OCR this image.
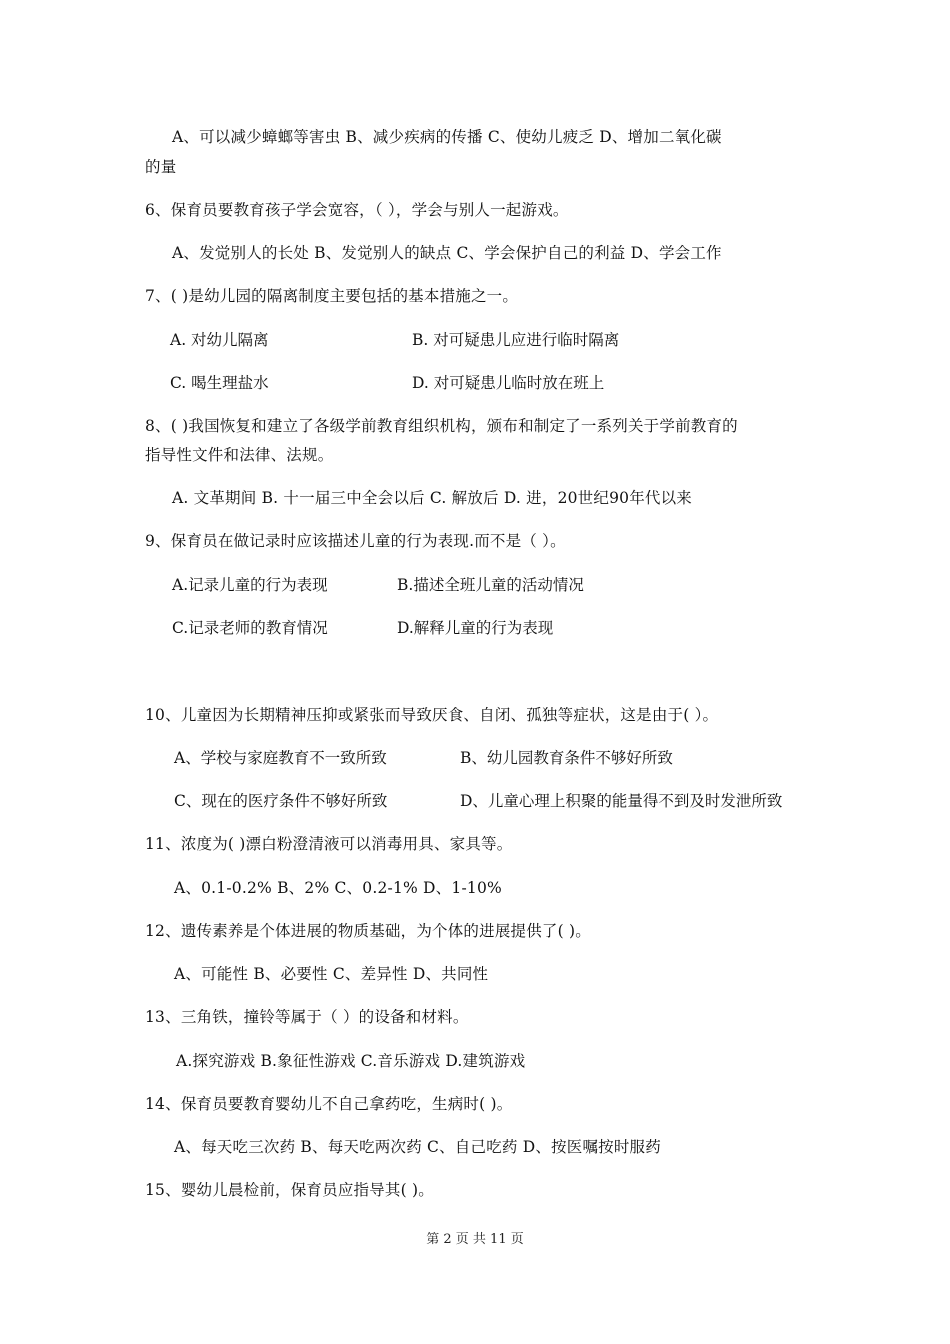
A、可以减少蟑螂等害虫 B、减少疾病的传播 C、使幼儿疲乏 D、增加二氧化碳
的量
6、保育员要教育孩子学会宽容，（ ），学会与别人一起游戏。
A、发觉别人的长处 B、发觉别人的缺点 C、学会保护自己的利益 D、学会工作
7、( )是幼儿园的隔离制度主要包括的基本措施之一。
A. 对幼儿隔离	B. 对可疑患儿应进行临时隔离
C. 喝生理盐水	D. 对可疑患儿临时放在班上
8、( )我国恢复和建立了各级学前教育组织机构，颁布和制定了一系列关于学前教育的
指导性文件和法律、法规。
A. 文革期间 B. 十一届三中全会以后 C. 解放后 D. 进，20世纪90年代以来
9、保育员在做记录时应该描述儿童的行为表现.而不是（ ）。
A.记录儿童的行为表现	B.描述全班儿童的活动情况
C.记录老师的教育情况	D.解释儿童的行为表现
10、儿童因为长期精神压抑或紧张而导致厌食、自闭、孤独等症状，这是由于( ）。
A、学校与家庭教育不一致所致	B、幼儿园教育条件不够好所致
C、现在的医疗条件不够好所致	D、儿童心理上积聚的能量得不到及时发泄所致
11、浓度为( )漂白粉澄清液可以消毒用具、家具等。
A、0.1-0.2% B、2% C、0.2-1% D、1-10%
12、遗传素养是个体进展的物质基础，为个体的进展提供了( )。
A、可能性 B、必要性 C、差异性 D、共同性
13、三角铁，撞铃等属于（ ）的设备和材料。
A.探究游戏 B.象征性游戏 C.音乐游戏 D.建筑游戏
14、保育员要教育婴幼儿不自己拿药吃，生病时( )。
A、每天吃三次药 B、每天吃两次药 C、自己吃药 D、按医嘱按时服药
15、婴幼儿晨检前，保育员应指导其( )。
第 2 页 共 11 页
